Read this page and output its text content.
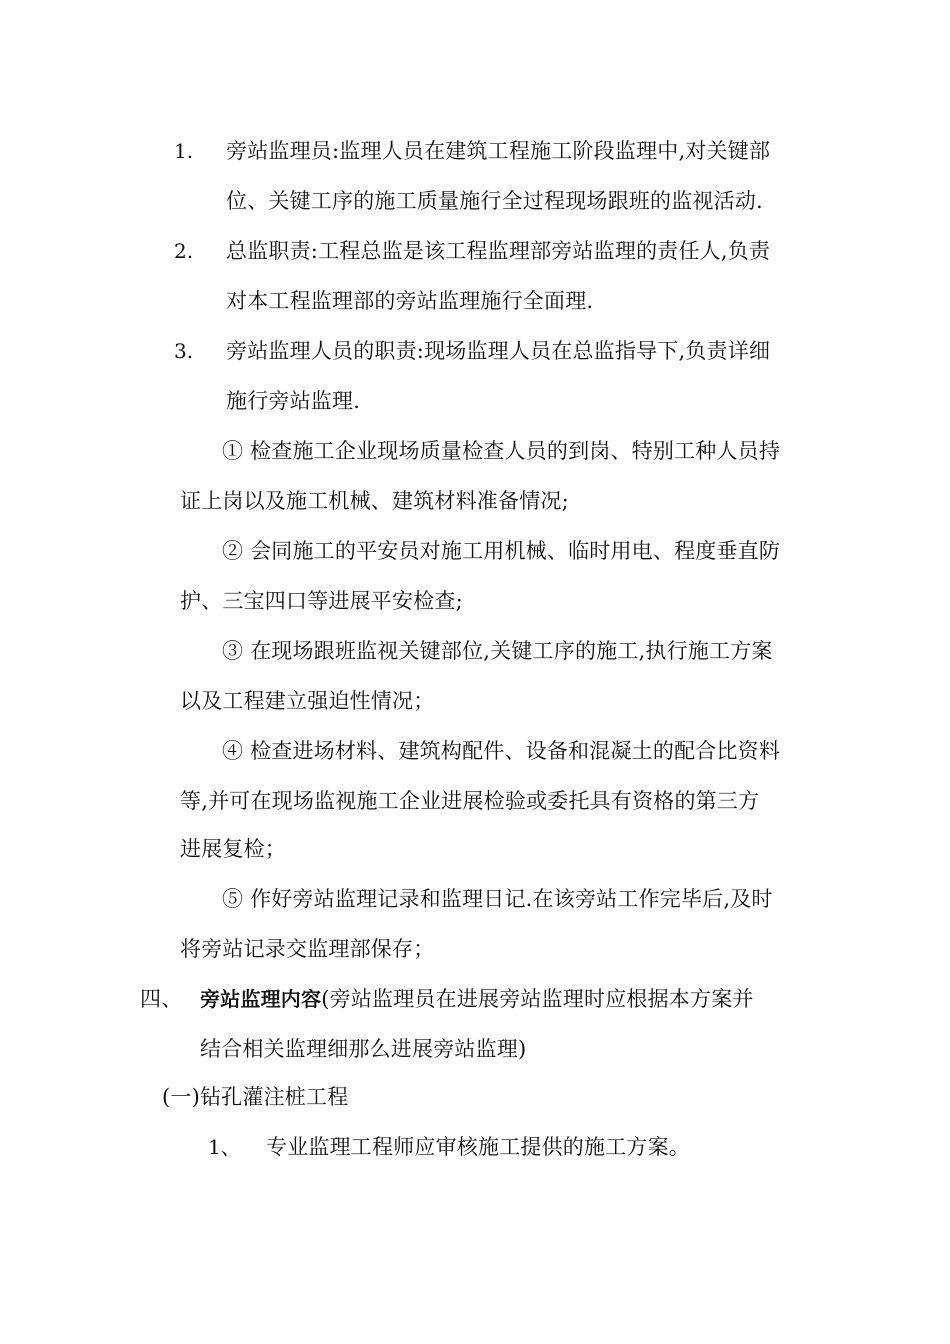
1. 旁站监理员:监理人员在建筑工程施工阶段监理中,对关键部
位、关键工序的施工质量施行全过程现场跟班的监视活动.
2. 总监职责:工程总监是该工程监理部旁站监理的责任人,负责
对本工程监理部的旁站监理施行全面理.
3. 旁站监理人员的职责:现场监理人员在总监指导下,负责详细
施行旁站监理.
① 检查施工企业现场质量检查人员的到岗、特别工种人员持
证上岗以及施工机械、建筑材料准备情况;
② 会同施工的平安员对施工用机械、临时用电、程度垂直防
护、三宝四口等进展平安检查;
③ 在现场跟班监视关键部位,关键工序的施工,执行施工方案
以及工程建立强迫性情况；
④ 检查进场材料、建筑构配件、设备和混凝土的配合比资料
等,并可在现场监视施工企业进展检验或委托具有资格的第三方
进展复检；
⑤ 作好旁站监理记录和监理日记.在该旁站工作完毕后,及时
将旁站记录交监理部保存；
四、 旁站监理内容(旁站监理员在进展旁站监理时应根据本方案并
结合相关监理细那么进展旁站监理)
(一)钻孔灌注桩工程
1、 专业监理工程师应审核施工提供的施工方案。
